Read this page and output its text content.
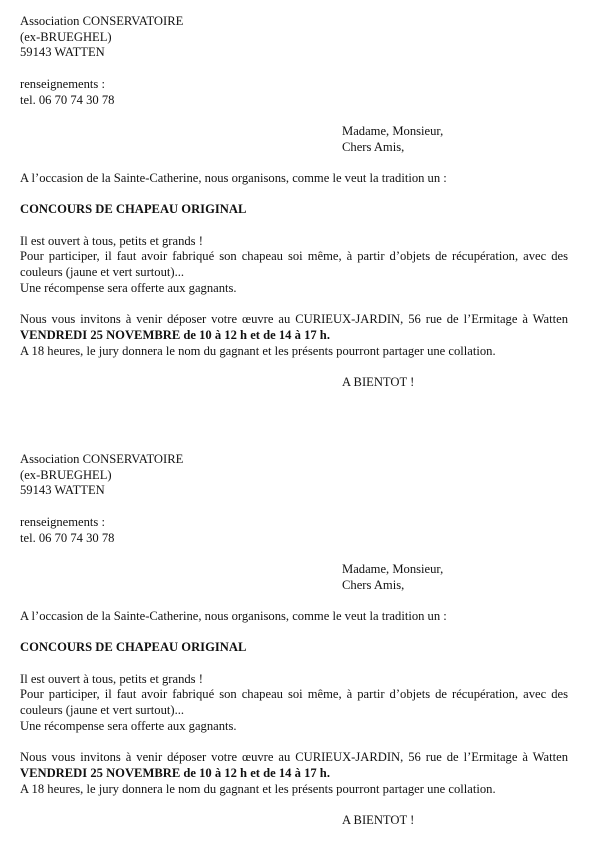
Association CONSERVATOIRE
(ex-BRUEGHEL)
59143 WATTEN
renseignements :
tel. 06 70 74 30 78
Madame, Monsieur,
Chers Amis,
A l’occasion de la Sainte-Catherine, nous organisons, comme le veut la tradition un :
CONCOURS DE CHAPEAU ORIGINAL
Il est ouvert à tous, petits et grands !
Pour participer, il faut avoir fabriqué son chapeau soi même, à partir d’objets de récupération, avec des couleurs (jaune et vert surtout)...
Une récompense sera offerte aux gagnants.
Nous vous invitons à venir déposer votre œuvre au CURIEUX-JARDIN, 56 rue de l’Ermitage à Watten VENDREDI 25 NOVEMBRE de 10 à 12 h et de 14 à 17 h.
A 18 heures, le jury donnera le nom du gagnant et les présents pourront partager une collation.
A BIENTOT !
Association CONSERVATOIRE
(ex-BRUEGHEL)
59143 WATTEN
renseignements :
tel. 06 70 74 30 78
Madame, Monsieur,
Chers Amis,
A l’occasion de la Sainte-Catherine, nous organisons, comme le veut la tradition un :
CONCOURS DE CHAPEAU ORIGINAL
Il est ouvert à tous, petits et grands !
Pour participer, il faut avoir fabriqué son chapeau soi même, à partir d’objets de récupération, avec des couleurs (jaune et vert surtout)...
Une récompense sera offerte aux gagnants.
Nous vous invitons à venir déposer votre œuvre au CURIEUX-JARDIN, 56 rue de l’Ermitage à Watten VENDREDI 25 NOVEMBRE de 10 à 12 h et de 14 à 17 h.
A 18 heures, le jury donnera le nom du gagnant et les présents pourront partager une collation.
A BIENTOT !
